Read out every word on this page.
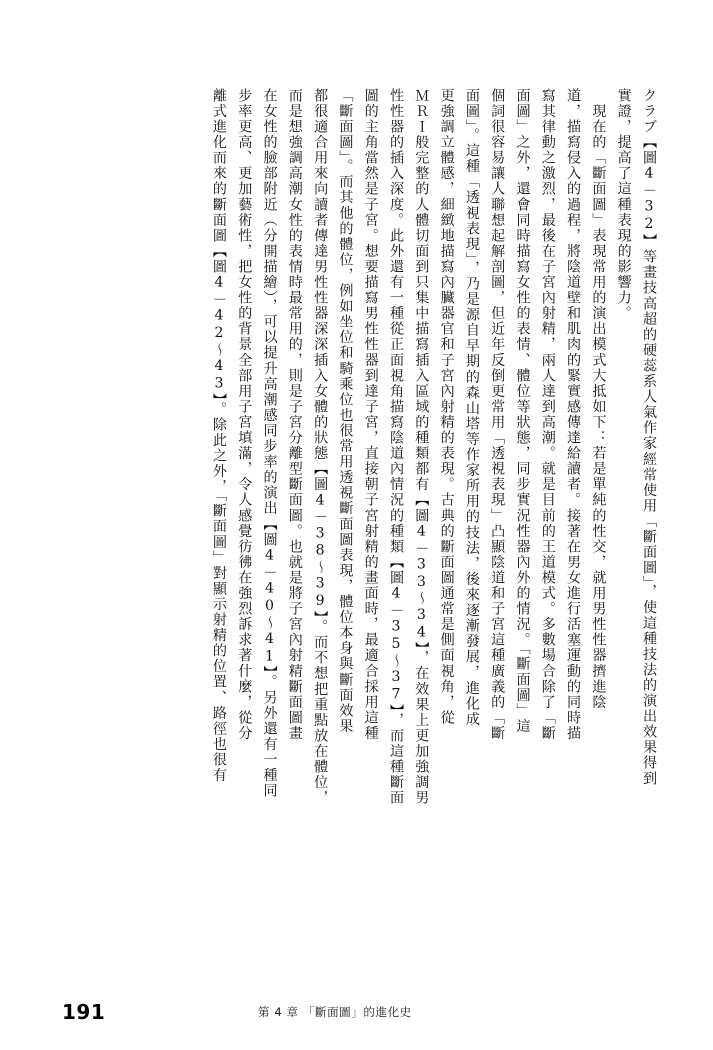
クラブ【圖4－32】等畫技高超的硬蕊系人氣作家經常使用「斷面圖」，使這種技法的演出效果得到
實證，提高了這種表現的影響力。
　現在的「斷面圖」表現常用的演出模式大抵如下：若是單純的性交，就用男性性器擠進陰
道，描寫侵入的過程，將陰道壁和肌肉的緊實感傳達給讀者。接著在男女進行活塞運動的同時描
寫其律動之激烈，最後在子宮內射精，兩人達到高潮。就是目前的王道模式。多數場合除了「斷
面圖」之外，還會同時描寫女性的表情、體位等狀態，同步實況性器內外的情況。「斷面圖」這
個詞很容易讓人聯想起解剖圖，但近年反倒更常用「透視表現」凸顯陰道和子宮這種廣義的「斷
面圖」。這種「透視表現」，乃是源自早期的森山塔等作家所用的技法，後來逐漸發展，進化成
更強調立體感，細緻地描寫內臟器官和子宮內射精的表現。古典的斷面圖通常是側面視角，從
ＭＲＩ般完整的人體切面到只集中描寫插入區域的種類都有【圖4－33～34】，在效果上更加強調男
性性器的插入深度。此外還有一種從正面視角描寫陰道內情況的種類【圖4－35～37】，而這種斷面
圖的主角當然是子宮。想要描寫男性性器到達子宮，直接朝子宮射精的畫面時，最適合採用這種
「斷面圖」。而其他的體位，例如坐位和騎乘位也很常用透視斷面圖表現，體位本身與斷面效果
都很適合用來向讀者傳達男性性器深深插入女體的狀態【圖4－38～39】。而不想把重點放在體位，
而是想強調高潮女性的表情時最常用的，則是子宮分離型斷面圖。也就是將子宮內射精斷面圖畫
在女性的臉部附近（分開描繪），可以提升高潮感同步率的演出【圖4－40～41】。另外還有一種同
步率更高、更加藝術性，把女性的背景全部用子宮填滿，令人感覺彷彿在強烈訴求著什麼，從分
離式進化而來的斷面圖【圖4－42～43】。除此之外，「斷面圖」對顯示射精的位置、路徑也很有
191	第 4 章 「斷面圖」的進化史
